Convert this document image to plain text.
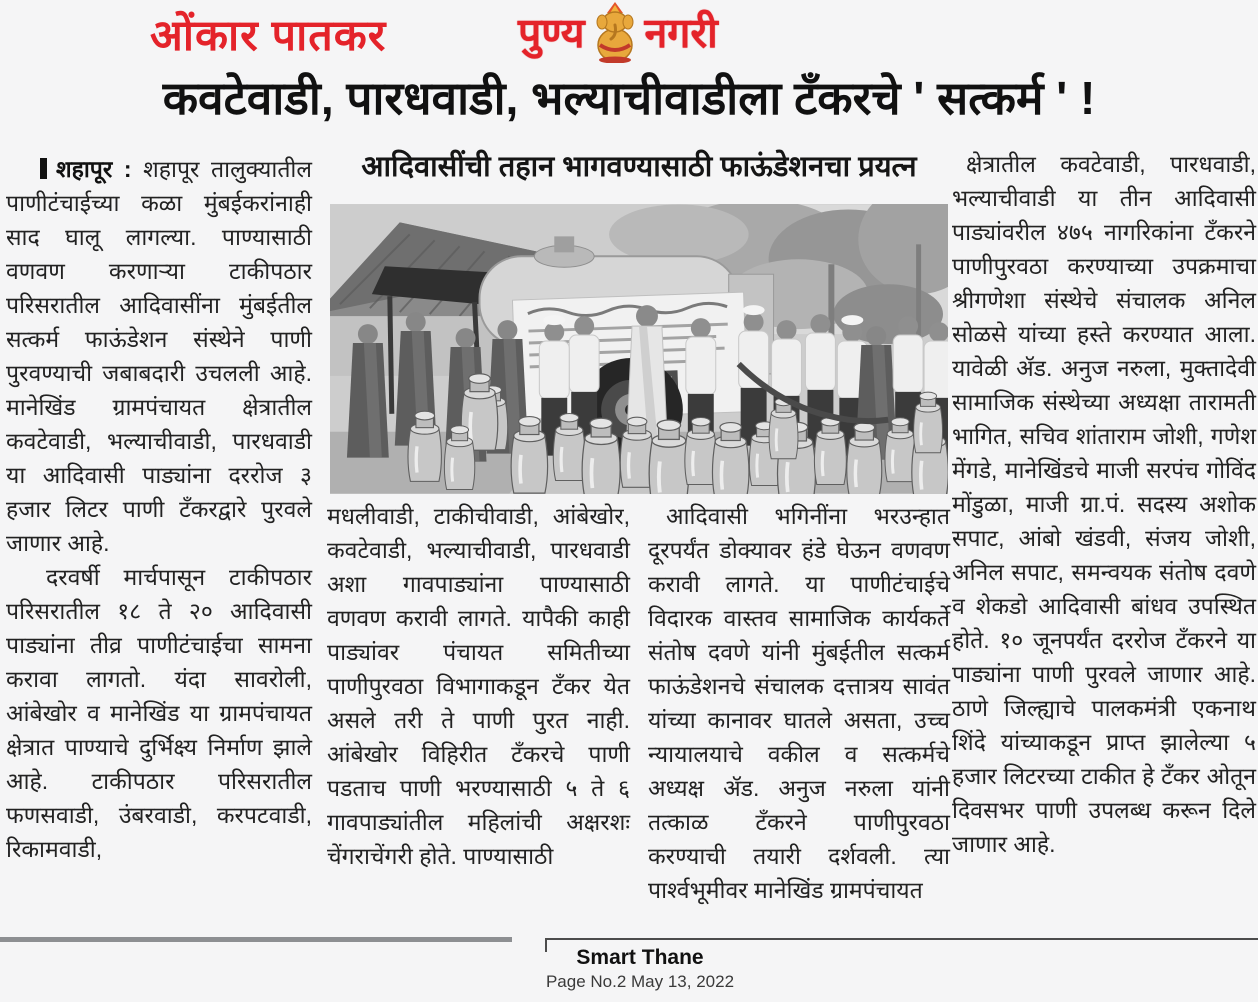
ओंकार पातकर	पुण्य नगरी
कवटेवाडी, पारधवाडी, भल्याचीवाडीला टँकरचे ' सत्कर्म ' !
आदिवासींची तहान भागवण्यासाठी फाऊंडेशनचा प्रयत्न

शहापूर : शहापूर तालुक्यातील पाणीटंचाईच्या कळा मुंबईकरांनाही साद घालू लागल्या. पाण्यासाठी वणवण करणाऱ्या टाकीपठार परिसरातील आदिवासींना मुंबईतील सत्कर्म फाऊंडेशन संस्थेने पाणी पुरवण्याची जबाबदारी उचलली आहे. मानेखिंड ग्रामपंचायत क्षेत्रातील कवटेवाडी, भल्याचीवाडी, पारधवाडी या आदिवासी पाड्यांना दररोज ३ हजार लिटर पाणी टँकरद्वारे पुरवले जाणार आहे.

दरवर्षी मार्चपासून टाकीपठार परिसरातील १८ ते २० आदिवासी पाड्यांना तीव्र पाणीटंचाईचा सामना करावा लागतो. यंदा सावरोली, आंबेखोर व मानेखिंड या ग्रामपंचायत क्षेत्रात पाण्याचे दुर्भिक्ष्य निर्माण झाले आहे. टाकीपठार परिसरातील फणसवाडी, उंबरवाडी, करपटवाडी, रिकामवाडी,

मधलीवाडी, टाकीचीवाडी, आंबेखोर, कवटेवाडी, भल्याचीवाडी, पारधवाडी अशा गावपाड्यांना पाण्यासाठी वणवण करावी लागते. यापैकी काही पाड्यांवर पंचायत समितीच्या पाणीपुरवठा विभागाकडून टँकर येत असले तरी ते पाणी पुरत नाही. आंबेखोर विहिरीत टँकरचे पाणी पडताच पाणी भरण्यासाठी ५ ते ६ गावपाड्यांतील महिलांची अक्षरशः चेंगराचेंगरी होते. पाण्यासाठी

आदिवासी भगिनींना भरउन्हात दूरपर्यंत डोक्यावर हंडे घेऊन वणवण करावी लागते. या पाणीटंचाईचे विदारक वास्तव सामाजिक कार्यकर्ते संतोष दवणे यांनी मुंबईतील सत्कर्म फाऊंडेशनचे संचालक दत्तात्रय सावंत यांच्या कानावर घातले असता, उच्च न्यायालयाचे वकील व सत्कर्मचे अध्यक्ष ॲड. अनुज नरुला यांनी तत्काळ टँकरने पाणीपुरवठा करण्याची तयारी दर्शवली. त्या पार्श्वभूमीवर मानेखिंड ग्रामपंचायत

क्षेत्रातील कवटेवाडी, पारधवाडी, भल्याचीवाडी या तीन आदिवासी पाड्यांवरील ४७५ नागरिकांना टँकरने पाणीपुरवठा करण्याच्या उपक्रमाचा श्रीगणेशा संस्थेचे संचालक अनिल सोळसे यांच्या हस्ते करण्यात आला. यावेळी ॲड. अनुज नरुला, मुक्तादेवी सामाजिक संस्थेच्या अध्यक्षा तारामती भागित, सचिव शांताराम जोशी, गणेश मेंगडे, मानेखिंडचे माजी सरपंच गोविंद मोंडुळा, माजी ग्रा.पं. सदस्य अशोक सपाट, आंबो खंडवी, संजय जोशी, अनिल सपाट, समन्वयक संतोष दवणे व शेकडो आदिवासी बांधव उपस्थित होते. १० जूनपर्यंत दररोज टँकरने या पाड्यांना पाणी पुरवले जाणार आहे. ठाणे जिल्ह्याचे पालकमंत्री एकनाथ शिंदे यांच्याकडून प्राप्त झालेल्या ५ हजार लिटरच्या टाकीत हे टँकर ओतून दिवसभर पाणी उपलब्ध करून दिले जाणार आहे.

Smart Thane
Page No.2 May 13, 2022
